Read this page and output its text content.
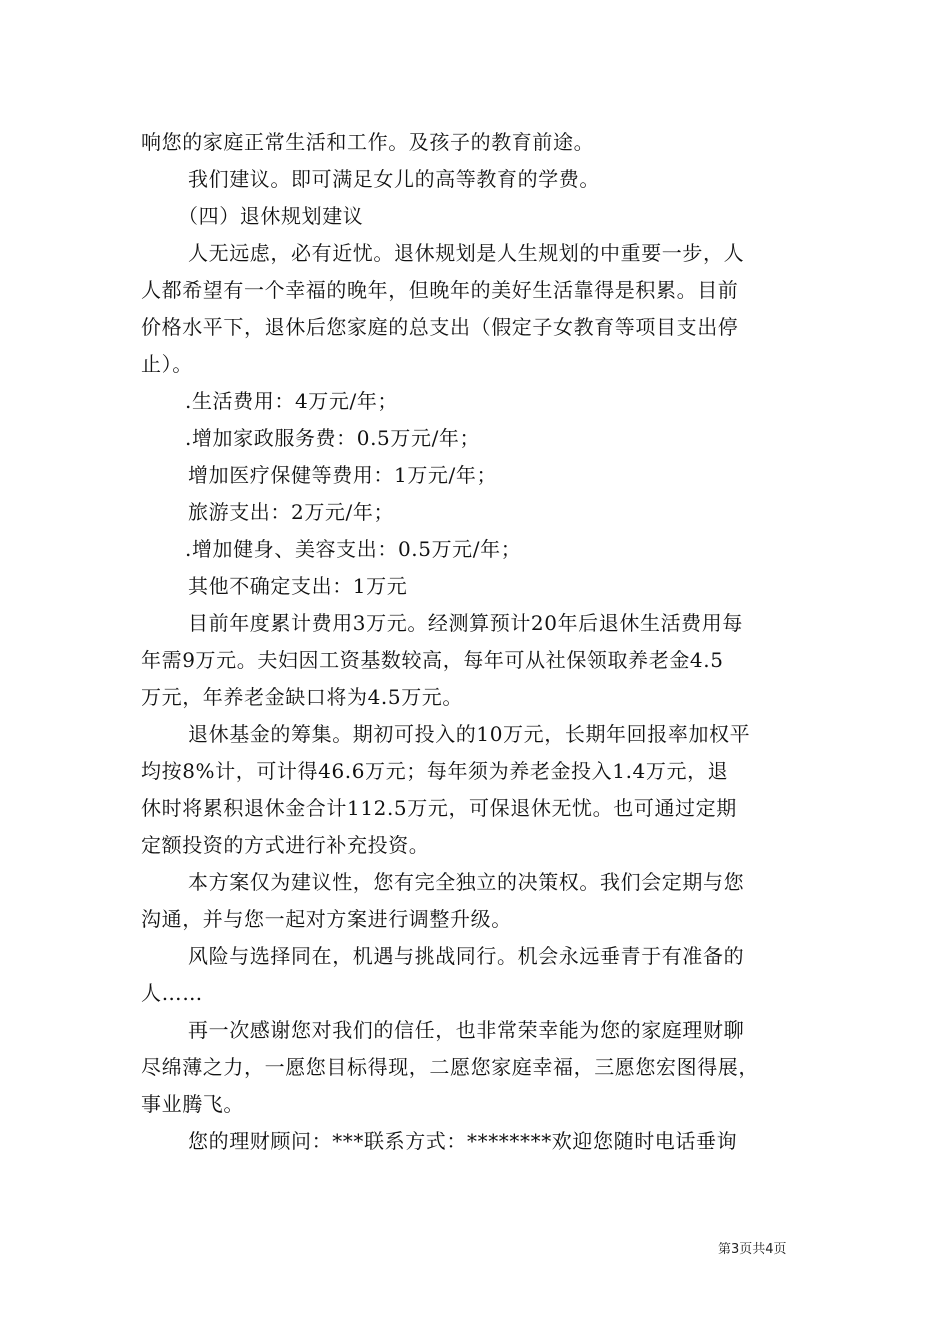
响您的家庭正常生活和工作。及孩子的教育前途。
我们建议。即可满足女儿的高等教育的学费。
（四）退休规划建议
人无远虑，必有近忧。退休规划是人生规划的中重要一步，人
人都希望有一个幸福的晚年，但晚年的美好生活靠得是积累。目前
价格水平下，退休后您家庭的总支出（假定子女教育等项目支出停
止）。
.生活费用：4万元/年；
.增加家政服务费：0.5万元/年；
增加医疗保健等费用：1万元/年；
旅游支出：2万元/年；
.增加健身、美容支出：0.5万元/年；
其他不确定支出：1万元
目前年度累计费用3万元。经测算预计20年后退休生活费用每
年需9万元。夫妇因工资基数较高，每年可从社保领取养老金4.5
万元，年养老金缺口将为4.5万元。
退休基金的筹集。期初可投入的10万元，长期年回报率加权平
均按8%计，可计得46.6万元；每年须为养老金投入1.4万元，退
休时将累积退休金合计112.5万元，可保退休无忧。也可通过定期
定额投资的方式进行补充投资。
本方案仅为建议性，您有完全独立的决策权。我们会定期与您
沟通，并与您一起对方案进行调整升级。
风险与选择同在，机遇与挑战同行。机会永远垂青于有准备的
人……
再一次感谢您对我们的信任，也非常荣幸能为您的家庭理财聊
尽绵薄之力，一愿您目标得现，二愿您家庭幸福，三愿您宏图得展，
事业腾飞。
您的理财顾问：***联系方式：********欢迎您随时电话垂询
第3页共4页
